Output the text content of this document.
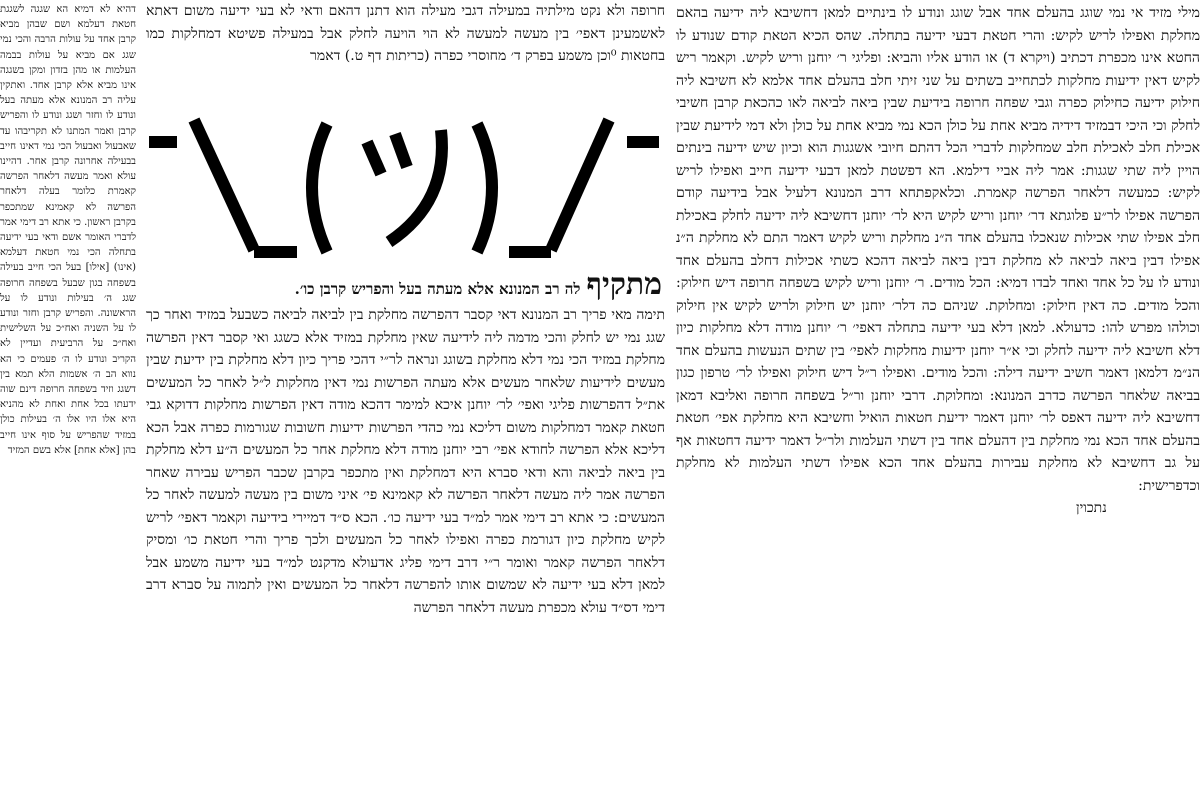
דהיא לא דמיא הא שגגה לשגגת חטאת דעלמא ושם שבהן מביא קרבן אחד על עולות הרבה והכי נמי שגג אם מביא על עולות בבמה העלמות או מהן בזדון ומקן בשגגה אינו מביא אלא קרבן אחד. ואתקין עליה רב המנונא אלא מעתה בעל ונודע לו וחזר ושגג ונודע לו והפריש קרבן ואמר המתנו לא תקריבהו עד שאבעול ואבעול הכי נמי דאינו חייב בבעילה אחרונה קרבן אחר. דהיינו עולא ואמר מעשה דלאחר הפרשה קאמרת כלומר בעלה דלאחר הפרשה לא קאמינא שמתכפר בקרבן ראשון. כי אתא רב דימי אמר לדברי האומר אשם ודאי בעי ידיעה בתחלה הכי נמי חטאת דעלמא (אינו) [אילו] בעל הכי חייב בעילה בשפחה בגון שבעל בשפחה חרופה שגג ה׳ בעילות ונודע לו על הראשונה. והפריש קרבן וחזר ונודע לו על השניה ואח״כ על השלישית ואח״כ על הרביעית ועדיין לא הקריב ונודע לו ה׳ פעמים כי הא נווא הב ה׳ אשמות הלא תמא בין דשגג וזיד בשפחה חרופה דינם שוה ידעתו בכל אחת ואחת לא מהניא היא אלו היו אלו ה׳ בעילות כולן במזיד שהפריש על סוף אינו חייב בהן [אלא אחת] אלא בשם המזיד
חרופה ולא נקט מילתיה במעילה דגבי מעילה הוא דתנן דהאם ודאי לא בעי ידיעה משום דאתא לאשמעינן דאפי׳ בין מעשה למעשה לא הוי הויעה לחלק אבל במעילה פשיטא דמחלקות כמו בחטאות ⁰וכן משמע בפרק ד׳ מחוסרי כפרה (כריתות דף ט.) דאמר
תימה מאי פריך רב המנונא דאי קסבר דהפרשה מחלקת בין לביאה לביאה כשבעל במזיד ואחר כך שגג נמי יש לחלק והכי מדמה ליה לידיעה שאין מחלקת במזיד אלא כשגג ואי קסבר דאין הפרשה מחלקת במזיד הכי נמי דלא מחלקת בשוגג ונראה לר״י דהכי פריך כיון דלא מחלקת בין ידיעת שבין מעשים לידיעות שלאחר מעשים אלא מעתה הפרשות נמי דאין מחלקות ל״ל לאחר כל המעשים את״ל דהפרשות פליגי ואפי׳ לר׳ יוחנן איכא למימר דהכא מודה דאין הפרשות מחלקות דדוקא גבי חטאת קאמר דמחלקות משום דליכא נמי כהדי הפרשות ידיעות חשובות שגורמות כפרה אבל הכא דליכא אלא הפרשה לחודא אפי׳ רבי יוחנן מודה דלא מחלקת אחר כל המעשים ה״ע דלא מחלקת בין ביאה לביאה והא ודאי סברא היא דמחלקת ואין מתכפר בקרבן שכבר הפריש עבירה שאחר הפרשה אמר ליה מעשה דלאחר הפרשה לא קאמינא פי׳ איני משום בין מעשה למעשה לאחר כל המעשים: כי אתא רב דימי אמר למ״ד בעי ידיעה כו׳. הכא ס״ד דמיירי בידיעה וקאמר דאפי׳ לריש לקיש מחלקת כיון דגורמת כפרה ואפילו לאחר כל המעשים ולכך פריך והרי חטאת כו׳ ומסיק דלאחר הפרשה קאמר ואומר ר״י דרב דימי פליג אדעולא מדקנט למ״ד בעי ידיעה משמע אבל למאן דלא בעי ידיעה לא שמשום אותו להפרשה דלאחר כל המעשים ואין לתמוה על סברא דרב דימי דס״ד עולא מכפרת מעשה דלאחר הפרשה
מתקיף
לה רב המנונא אלא מעתה בעל והפריש קרבן כו׳.
מילי מזיד אי נמי שוגג בהעלם אחד אבל שוגג ונודע לו בינתיים למאן דחשיבא ליה ידיעה בהאם מחלקת ואפילו לריש לקיש: והרי חטאת דבעי ידיעה בתחלה. שהס הכיא הטאת קודם שנודע לו החטא אינו מכפרת דכתיב (ויקרא ד) או הודע אליו והביא: ופליגי ר׳ יוחנן וריש לקיש. וקאמר ריש לקיש דאין ידיעות מחלקות לכתחייב בשתים על שני זיתי חלב בהעלם אחד אלמא לא חשיבא ליה חילוק ידיעה כחילוק כפרה וגבי שפחה חרופה בידיעת שבין ביאה לביאה לאו כהכאת קרבן חשיבי לחלק וכי היכי דבמזיד דידיה מביא אחת על כולן הכא נמי מביא אחת על כולן ולא דמי לידיעת שבין אכילת חלב לאכילת חלב שמחלקות לדברי הכל דהתם חיובי אשגגות הוא וכיון שיש ידיעה בינתים הויין ליה שתי שגגות: אמר ליה אביי דילמא. הא דפשטת למאן דבעי ידיעה חייב ואפילו לריש לקיש: כמעשה דלאחר הפרשה קאמרת. וכלאקפתחא דרב המנונא דלעיל אבל בידיעה קודם הפרשה אפילו לר״ע פלוגתא דר׳ יוחנן וריש לקיש היא לר׳ יוחנן דחשיבא ליה ידיעה לחלק באכילת חלב אפילו שתי אכילות שנאכלו בהעלם אחד ה״נ מחלקת וריש לקיש דאמר התם לא מחלקת ה״נ אפילו דבין ביאה לביאה לא מחלקת דבין ביאה לביאה דהכא כשתי אכילות דחלב בהעלם אחד ונודע לו על כל אחד ואחד לבדו דמיא: הכל מודים. ר׳ יוחנן וריש לקיש בשפחה חרופה דיש חילוק: והכל מודים. כה דאין חילוק: ומחלוקת. שניהם כה דלר׳ יוחנן יש חילוק ולריש לקיש אין חילוק וכולהו מפרש להו: כדעולא. למאן דלא בעי ידיעה בתחלה דאפי׳ ר׳ יוחנן מודה דלא מחלקות כיון דלא חשיבא ליה ידיעה לחלק וכי א״ר יוחנן ידיעות מחלקות לאפי׳ בין שתים הנעשות בהעלם אחד הנ״מ דלמאן דאמר חשיב ידיעה דילה: והכל מודים. ואפילו ר״ל דיש חילוק ואפילו לר׳ טרפון כגון בביאה שלאחר הפרשה כדרב המנונא: ומחלוקת. דרבי יוחנן ור״ל בשפחה חרופה ואליבא דמאן דחשיבא ליה ידיעה דאפס לר׳ יוחנן דאמר ידיעת חטאות הואיל וחשיבא היא מחלקת אפי׳ חטאת בהעלם אחד הכא נמי מחלקת בין דהעלם אחד בין דשתי העלמות ולר״ל דאמר ידיעה דחטאות אף על גב דחשיבא לא מחלקת עבירות בהעלם אחד הכא אפילו דשתי העלמות לא מחלקת וכדפרישית:
נתכוין
